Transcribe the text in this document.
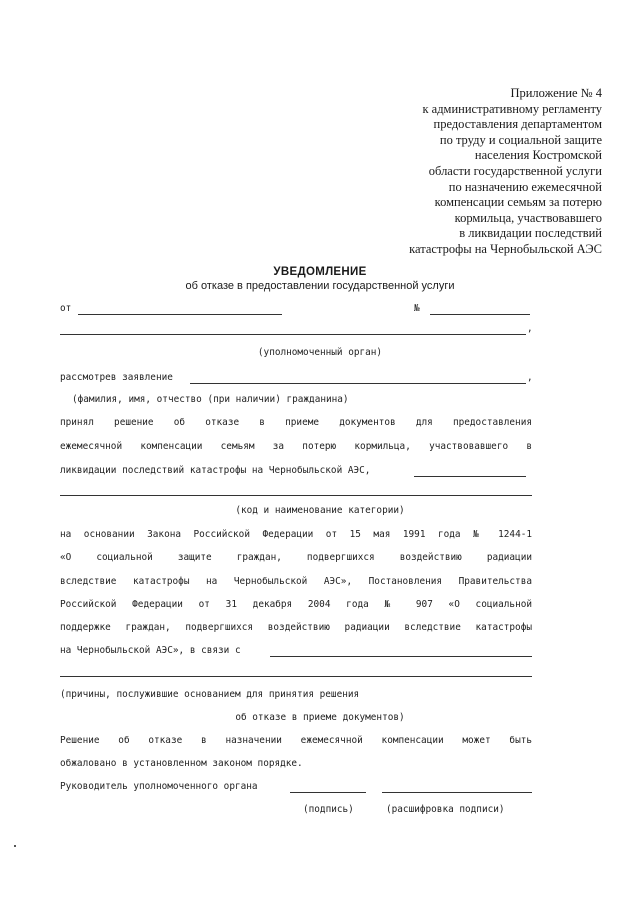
Приложение № 4
к административному регламенту
предоставления департаментом
по труду и социальной защите
населения Костромской
области государственной услуги
по назначению ежемесячной
компенсации семьям за потерю
кормильца, участвовавшего
в ликвидации последствий
катастрофы на Чернобыльской АЭС
УВЕДОМЛЕНИЕ
об отказе в предоставлении государственной услуги
от	№
,
(уполномоченный орган)
рассмотрев заявление	,
(фамилия, имя, отчество (при наличии) гражданина)
принял решение об отказе в приеме документов для предоставления
ежемесячной компенсации семьям за потерю кормильца, участвовавшего в
ликвидации последствий катастрофы на Чернобыльской АЭС,
(код и наименование категории)
на основании Закона Российской Федерации от 15 мая 1991 года № 1244-1
«О социальной защите граждан, подвергшихся воздействию радиации
вследствие катастрофы на Чернобыльской АЭС», Постановления Правительства
Российской Федерации от 31 декабря 2004 года № 907 «О социальной
поддержке граждан, подвергшихся воздействию радиации вследствие катастрофы
на Чернобыльской АЭС», в связи с
(причины, послужившие основанием для принятия решения
об отказе в приеме документов)
Решение об отказе в назначении ежемесячной компенсации может быть
обжаловано в установленном законом порядке.
Руководитель уполномоченного органа
(подпись)	(расшифровка подписи)
